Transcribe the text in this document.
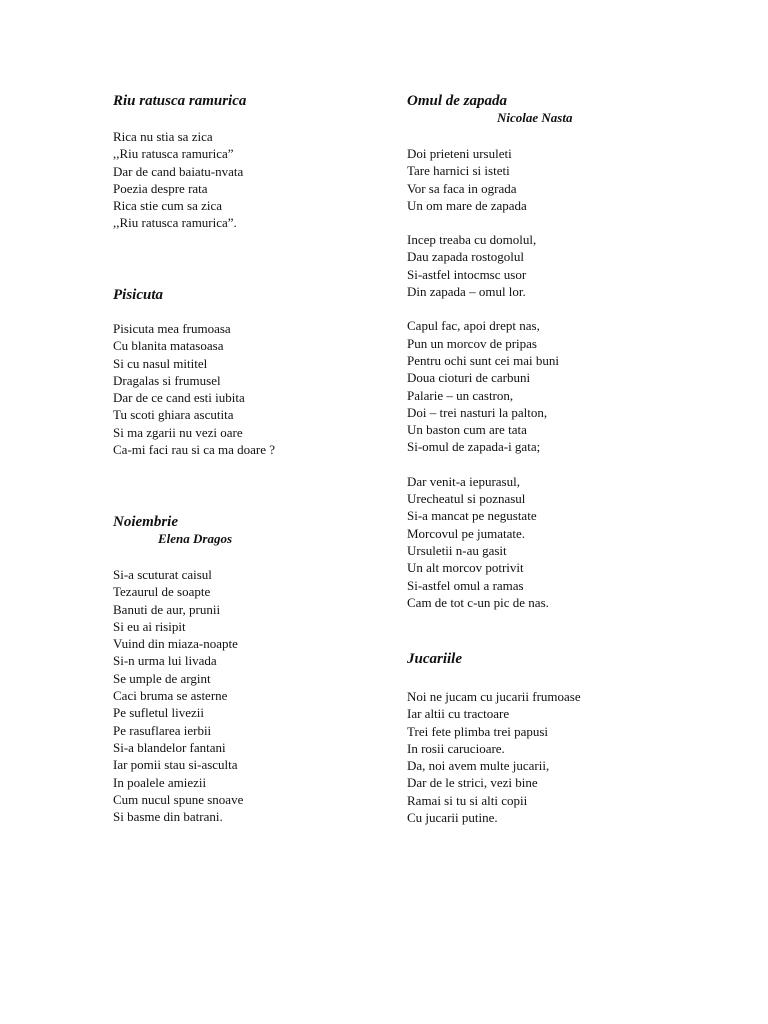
Riu ratusca ramurica

Rica nu stia sa zica

,,Riu ratusca ramurica”

Dar de cand baiatu-nvata

Poezia despre rata

Rica stie cum sa zica

,,Riu ratusca ramurica”.

Pisicuta

Pisicuta mea frumoasa

Cu blanita matasoasa

Si cu nasul mititel

Dragalas si frumusel

Dar de ce cand esti iubita

Tu scoti ghiara ascutita

Si ma zgarii nu vezi oare

Ca-mi faci rau si ca ma doare ?

Noiembrie

Elena Dragos

Si-a scuturat caisul

Tezaurul de soapte

Banuti de aur, prunii

Si eu ai risipit

Vuind din miaza-noapte

Si-n urma lui livada

Se umple de argint

Caci bruma se asterne

Pe sufletul livezii

Pe rasuflarea ierbii

Si-a blandelor fantani

Iar pomii stau si-asculta

In poalele amiezii

Cum nucul spune snoave

Si basme din batrani.

Omul de zapada

Nicolae Nasta

Doi prieteni ursuleti

Tare harnici si isteti

Vor sa faca in ograda

Un om mare de zapada

Incep treaba cu domolul,

Dau zapada rostogolul

Si-astfel intocmsc usor

Din zapada – omul lor.

Capul fac, apoi drept nas,

Pun un morcov de pripas

Pentru ochi sunt cei mai buni

Doua cioturi de carbuni

Palarie – un castron,

Doi – trei nasturi la palton,

Un baston cum are tata

Si-omul de zapada-i gata;

Dar venit-a iepurasul,

Urecheatul si poznasul

Si-a mancat pe negustate

Morcovul pe jumatate.

Ursuletii n-au gasit

Un alt morcov potrivit

Si-astfel omul a ramas

Cam de tot c-un pic de nas.

Jucariile

Noi ne jucam cu jucarii frumoase

Iar altii cu tractoare

Trei fete plimba trei papusi

In rosii carucioare.

Da, noi avem multe jucarii,

Dar de le strici, vezi bine

Ramai si tu si alti copii

Cu jucarii putine.
